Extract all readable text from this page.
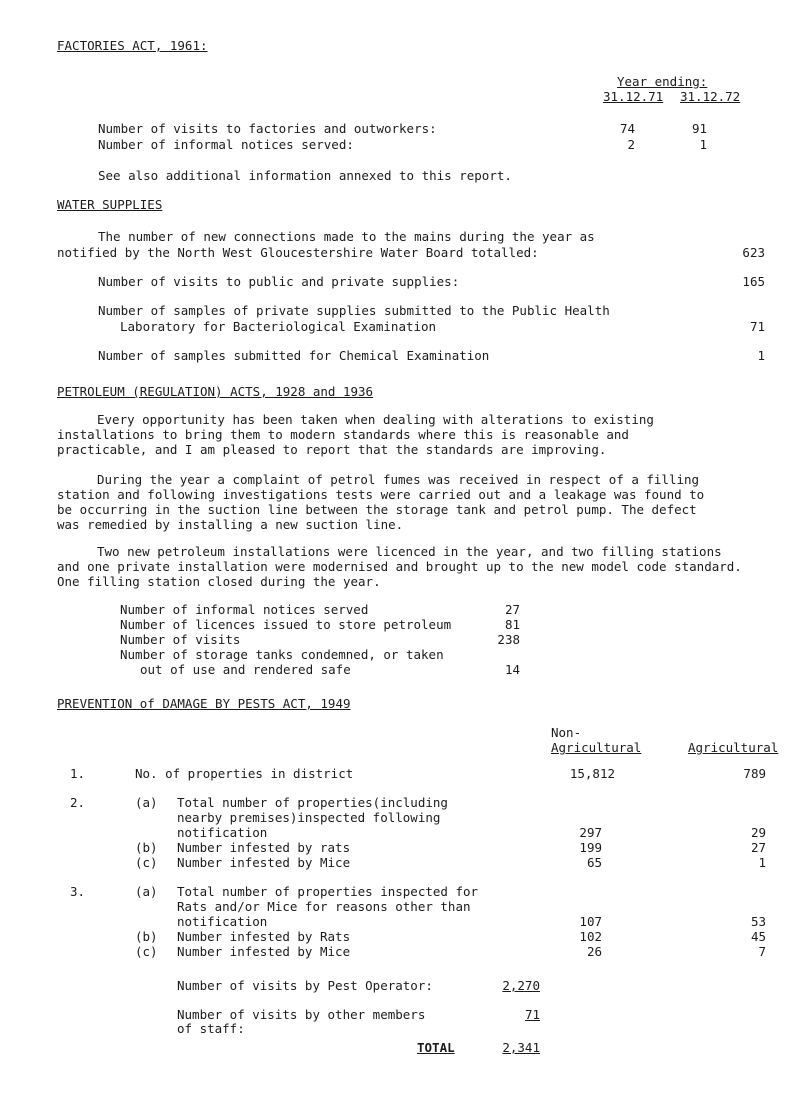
FACTORIES ACT, 1961:
Year ending:
31.12.71 31.12.72
Number of visits to factories and outworkers:	74	91
Number of informal notices served:	2	1
See also additional information annexed to this report.
WATER SUPPLIES
The number of new connections made to the mains during the year as
notified by the North West Gloucestershire Water Board totalled:	623
Number of visits to public and private supplies:	165
Number of samples of private supplies submitted to the Public Health
Laboratory for Bacteriological Examination	71
Number of samples submitted for Chemical Examination	1
PETROLEUM (REGULATION) ACTS, 1928 and 1936
Every opportunity has been taken when dealing with alterations to existing
installations to bring them to modern standards where this is reasonable and
practicable, and I am pleased to report that the standards are improving.
During the year a complaint of petrol fumes was received in respect of a filling
station and following investigations tests were carried out and a leakage was found to
be occurring in the suction line between the storage tank and petrol pump. The defect
was remedied by installing a new suction line.
Two new petroleum installations were licenced in the year, and two filling stations
and one private installation were modernised and brought up to the new model code standard.
One filling station closed during the year.
Number of informal notices served	27
Number of licences issued to store petroleum	81
Number of visits	238
Number of storage tanks condemned, or taken
out of use and rendered safe	14
PREVENTION of DAMAGE BY PESTS ACT, 1949
Non-
Agricultural	Agricultural
1.	No. of properties in district	15,812	789
2.	(a) Total number of properties(including
nearby premises)inspected following
notification	297	29
(b) Number infested by rats	199	27
(c) Number infested by Mice	65	1
3.	(a) Total number of properties inspected for
Rats and/or Mice for reasons other than
notification	107	53
(b) Number infested by Rats	102	45
(c) Number infested by Mice	26	7
Number of visits by Pest Operator:	2,270
Number of visits by other members
of staff:
71
TOTAL	2,341
